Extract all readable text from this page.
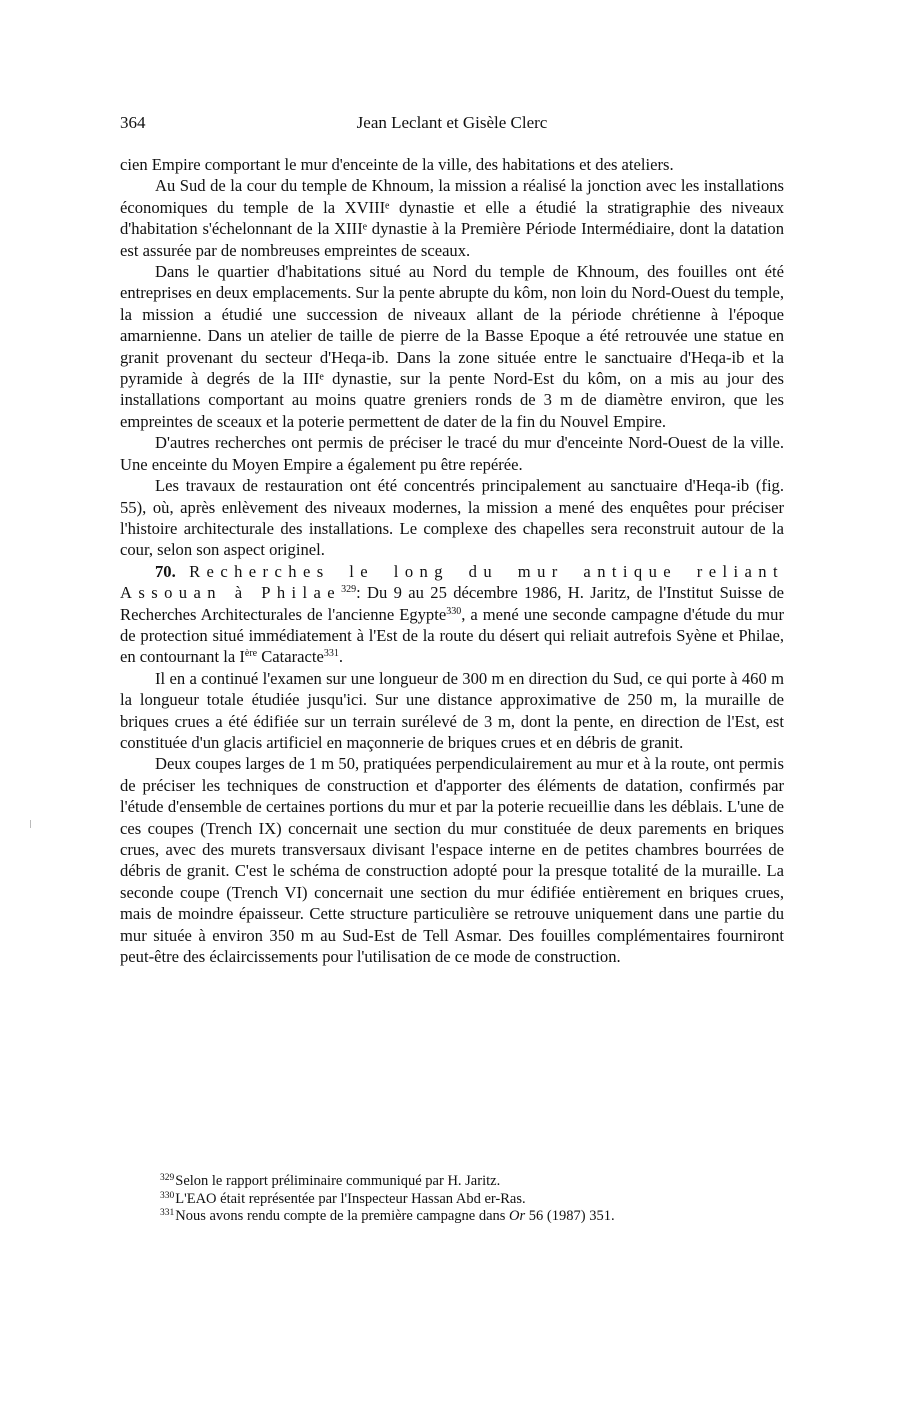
364	Jean Leclant et Gisèle Clerc

cien Empire comportant le mur d'enceinte de la ville, des habitations et des ateliers.

Au Sud de la cour du temple de Khnoum, la mission a réalisé la jonction avec les installations économiques du temple de la XVIIIᵉ dynastie et elle a étudié la stratigraphie des niveaux d'habitation s'échelonnant de la XIIIᵉ dynastie à la Première Période Intermédiaire, dont la datation est assurée par de nombreuses empreintes de sceaux.

Dans le quartier d'habitations situé au Nord du temple de Khnoum, des fouilles ont été entreprises en deux emplacements. Sur la pente abrupte du kôm, non loin du Nord-Ouest du temple, la mission a étudié une succession de niveaux allant de la période chrétienne à l'époque amarnienne. Dans un atelier de taille de pierre de la Basse Epoque a été retrouvée une statue en granit provenant du secteur d'Heqa-ib. Dans la zone située entre le sanctuaire d'Heqa-ib et la pyramide à degrés de la IIIᵉ dynastie, sur la pente Nord-Est du kôm, on a mis au jour des installations comportant au moins quatre greniers ronds de 3 m de diamètre environ, que les empreintes de sceaux et la poterie permettent de dater de la fin du Nouvel Empire.

D'autres recherches ont permis de préciser le tracé du mur d'enceinte Nord-Ouest de la ville. Une enceinte du Moyen Empire a également pu être repérée.

Les travaux de restauration ont été concentrés principalement au sanctuaire d'Heqa-ib (fig. 55), où, après enlèvement des niveaux modernes, la mission a mené des enquêtes pour préciser l'histoire architecturale des installations. Le complexe des chapelles sera reconstruit autour de la cour, selon son aspect originel.

70. Recherches le long du mur antique reliant Assouan à Philae$^{329}$: Du 9 au 25 décembre 1986, H. Jaritz, de l'Institut Suisse de Recherches Architecturales de l'ancienne Egypte$^{330}$, a mené une seconde campagne d'étude du mur de protection situé immédiatement à l'Est de la route du désert qui reliait autrefois Syène et Philae, en contournant la Ière Cataracte$^{331}$.

Il en a continué l'examen sur une longueur de 300 m en direction du Sud, ce qui porte à 460 m la longueur totale étudiée jusqu'ici. Sur une distance approximative de 250 m, la muraille de briques crues a été édifiée sur un terrain surélevé de 3 m, dont la pente, en direction de l'Est, est constituée d'un glacis artificiel en maçonnerie de briques crues et en débris de granit.

Deux coupes larges de 1 m 50, pratiquées perpendiculairement au mur et à la route, ont permis de préciser les techniques de construction et d'apporter des éléments de datation, confirmés par l'étude d'ensemble de certaines portions du mur et par la poterie recueillie dans les déblais. L'une de ces coupes (Trench IX) concernait une section du mur constituée de deux parements en briques crues, avec des murets transversaux divisant l'espace interne en de petites chambres bourrées de débris de granit. C'est le schéma de construction adopté pour la presque totalité de la muraille. La seconde coupe (Trench VI) concernait une section du mur édifiée entièrement en briques crues, mais de moindre épaisseur. Cette structure particulière se retrouve uniquement dans une partie du mur située à environ 350 m au Sud-Est de Tell Asmar. Des fouilles complémentaires fourniront peut-être des éclaircissements pour l'utilisation de ce mode de construction.

$^{329}$Selon le rapport préliminaire communiqué par H. Jaritz.
$^{330}$L'EAO était représentée par l'Inspecteur Hassan Abd er-Ras.
$^{331}$Nous avons rendu compte de la première campagne dans Or 56 (1987) 351.
